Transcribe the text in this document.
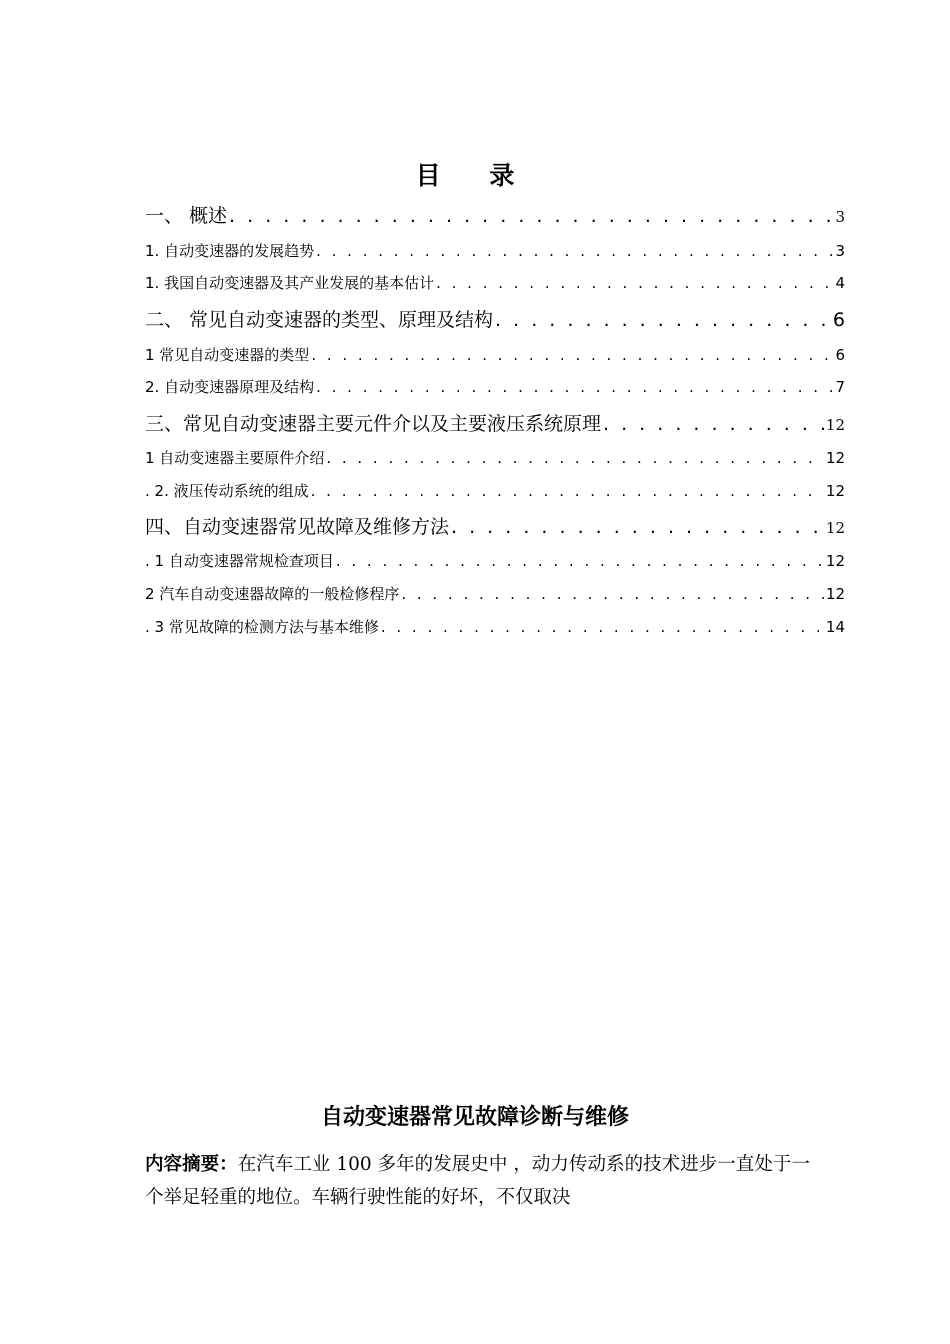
目 录
一、 概述 . . .	3
1. 自动变速器的发展趋势 . . .	3
1. 我国自动变速器及其产业发展的基本估计 . . .	4
二、 常见自动变速器的类型、原理及结构 . . .	6
1 常见自动变速器的类型 . . .	6
2. 自动变速器原理及结构 . . .	7
三、常见自动变速器主要元件介以及主要液压系统原理 . . .	12
1 自动变速器主要原件介绍 . . .	12
. 2. 液压传动系统的组成 . . .	12
四、自动变速器常见故障及维修方法 . . .	12
. 1 自动变速器常规检查项目 . . .	12
2 汽车自动变速器故障的一般检修程序 . . .	12
. 3 常见故障的检测方法与基本维修 . . .	14
自动变速器常见故障诊断与维修
内容摘要：在汽车工业 100 多年的发展史中 ，动力传动系的技术进步一直处于一个举足轻重的地位。车辆行驶性能的好坏，不仅取决
